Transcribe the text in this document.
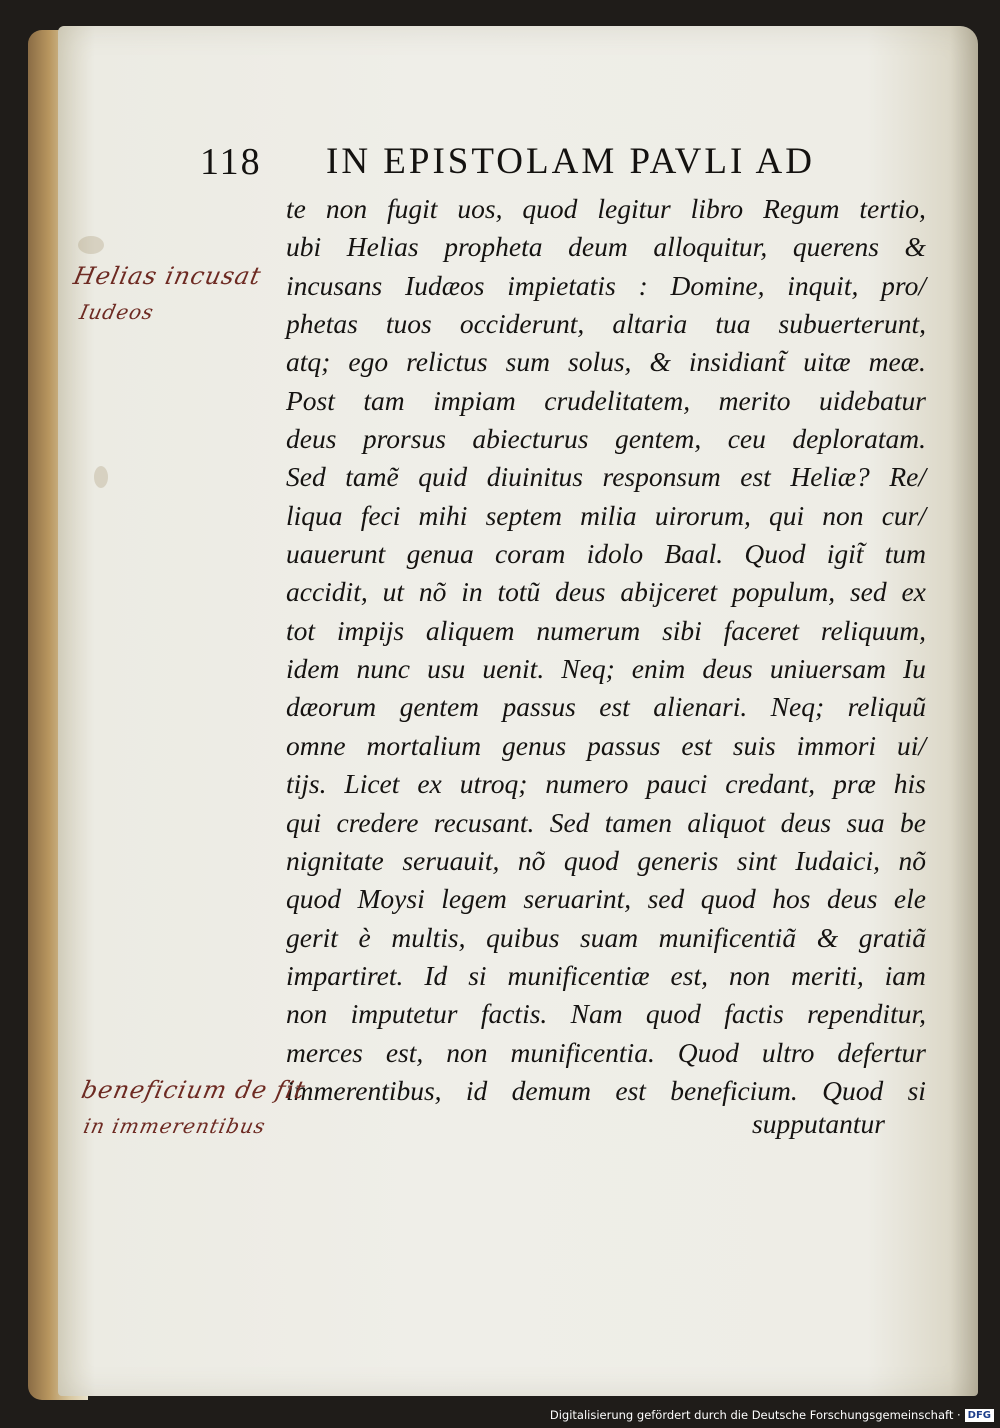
118 IN EPISTOLAM PAVLI AD
te non fugit uos, quod legitur libro Regum tertio,
ubi Helias propheta deum alloquitur, querens &
incusans Iudæos impietatis : Domine, inquit, pro/
phetas tuos occiderunt, altaria tua subuerterunt,
atq; ego relictus sum solus, & insidiant̃ uitæ meæ.
Post tam impiam crudelitatem, merito uidebatur
deus prorsus abiecturus gentem, ceu deploratam.
Sed tamẽ quid diuinitus responsum est Heliæ? Re/
liqua feci mihi septem milia uirorum, qui non cur/
uauerunt genua coram idolo Baal. Quod igit̃ tum
accidit, ut nõ in totũ deus abijceret populum, sed ex
tot impijs aliquem numerum sibi faceret reliquum,
idem nunc usu uenit. Neq; enim deus uniuersam Iu
dæorum gentem passus est alienari. Neq; reliquũ
omne mortalium genus passus est suis immori ui/
tijs. Licet ex utroq; numero pauci credant, præ his
qui credere recusant. Sed tamen aliquot deus sua be
nignitate seruauit, nõ quod generis sint Iudaici, nõ
quod Moysi legem seruarint, sed quod hos deus ele
gerit è multis, quibus suam munificentiã & gratiã
impartiret. Id si munificentiæ est, non meriti, iam
non imputetur factis. Nam quod factis rependitur,
merces est, non munificentia. Quod ultro defertur
immerentibus, id demum est beneficium. Quod si
supputantur
Helias incusat
Iudeos
beneficium de fit
in immerentibus
Digitalisierung gefördert durch die Deutsche Forschungsgemeinschaft · DFG
